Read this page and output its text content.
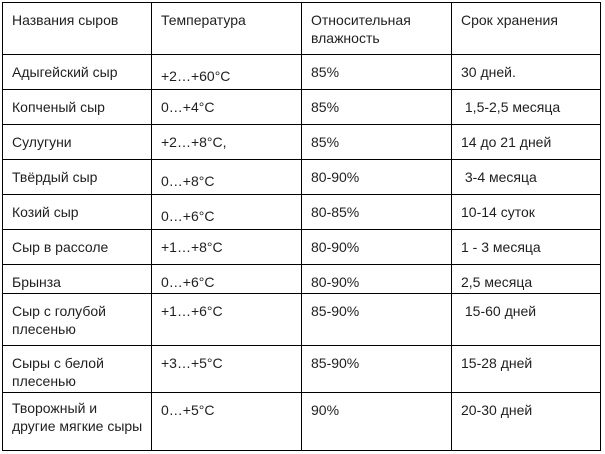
Названия сыров	Температура	Относительная влажность	Срок хранения
Адыгейский сыр	+2…+60°C	85%	30 дней.
Копченый сыр	0…+4°C	85%	1,5-2,5 месяца
Сулугуни	+2…+8°C,	85%	14 до 21 дней
Твёрдый сыр	0…+8°C	80-90%	3-4 месяца
Козий сыр	0…+6°C	80-85%	10-14 суток
Сыр в рассоле	+1…+8°C	80-90%	1 - 3 месяца
Брынза	0…+6°C	80-90%	2,5 месяца
Сыр с голубой плесенью	+1…+6°C	85-90%	15-60 дней
Сыры с белой плесенью	+3…+5°C	85-90%	15-28 дней
Творожный и другие мягкие сыры	0…+5°C	90%	20-30 дней
